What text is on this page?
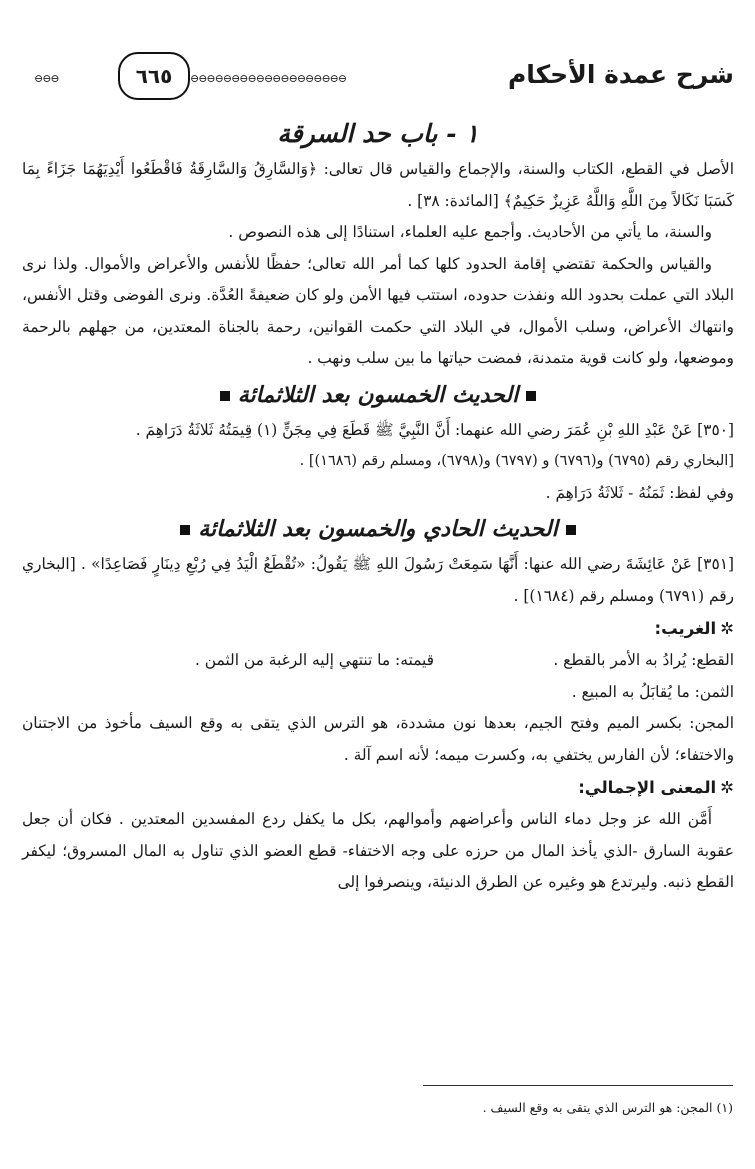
⊖⊖⊖	٦٦٥	⊖⊖⊖⊖⊖⊖⊖⊖⊖⊖⊖⊖⊖⊖⊖⊖⊖⊖⊖	شرح عمدة الأحكام
١ - باب حد السرقة

الأصل في القطع، الكتاب والسنة، والإجماع والقياس قال تعالى: ﴿وَالسَّارِقُ وَالسَّارِقَةُ فَاقْطَعُوا أَيْدِيَهُمَا جَزَاءً بِمَا كَسَبَا نَكَالاً مِنَ اللَّهِ وَاللَّهُ عَزِيزٌ حَكِيمٌ﴾ [المائدة: ٣٨] .

والسنة، ما يأتي من الأحاديث. وأجمع عليه العلماء، استنادًا إلى هذه النصوص .

والقياس والحكمة تقتضي إقامة الحدود كلها كما أمر الله تعالى؛ حفظًا للأنفس والأعراض والأموال. ولذا نرى البلاد التي عملت بحدود الله ونفذت حدوده، استتب فيها الأمن ولو كان ضعيفةً العُدَّة. ونرى الفوضى وقتل الأنفس، وانتهاك الأعراض، وسلب الأموال، في البلاد التي حكمت القوانين، رحمة بالجناة المعتدين، من جهلهم بالرحمة وموضعها، ولو كانت قوية متمدنة، فمضت حياتها ما بين سلب ونهب .

الحديث الخمسون بعد الثلاثمائة

[٣٥٠] عَنْ عَبْدِ اللهِ بْنِ عُمَرَ رضي الله عنهما: أَنَّ النَّبِيَّ ﷺ قَطَعَ فِي مِجَنٍّ (١) قِيمَتُهُ ثَلاثَةُ دَرَاهِمَ .

[البخاري رقم (٦٧٩٥) و(٦٧٩٦) و (٦٧٩٧) و(٦٧٩٨)، ومسلم رقم (١٦٨٦)] .

وفي لفظ: ثَمَنُهُ - ثَلاثَةُ دَرَاهِمَ .

الحديث الحادي والخمسون بعد الثلاثمائة

[٣٥١] عَنْ عَائِشَةَ رضي الله عنها: أَنَّهَا سَمِعَتْ رَسُولَ اللهِ ﷺ يَقُولُ: «تُقْطَعُ الْيَدُ فِي رُبْعِ دِينَارٍ فَصَاعِدًا» . [البخاري رقم (٦٧٩١) ومسلم رقم (١٦٨٤)] .

✲الغريب:

القطع: يُرادُ به الأمر بالقطع .

قيمته: ما تنتهي إليه الرغبة من الثمن .

الثمن: ما يُقابَلُ به المبيع .

المجن: بكسر الميم وفتح الجيم، بعدها نون مشددة، هو الترس الذي يتقى به وقع السيف مأخوذ من الاجتنان والاختفاء؛ لأن الفارس يختفي به، وكسرت ميمه؛ لأنه اسم آلة .

✲المعنى الإجمالي:

أَمَّن الله عز وجل دماء الناس وأعراضهم وأموالهم، بكل ما يكفل ردع المفسدين المعتدين . فكان أن جعل عقوبة السارق -الذي يأخذ المال من حرزه على وجه الاختفاء- قطع العضو الذي تناول به المال المسروق؛ ليكفر القطع ذنبه. وليرتدع هو وغيره عن الطرق الدنيئة، وينصرفوا إلى

(١) المجن: هو الترس الذي يتقى به وقع السيف .
